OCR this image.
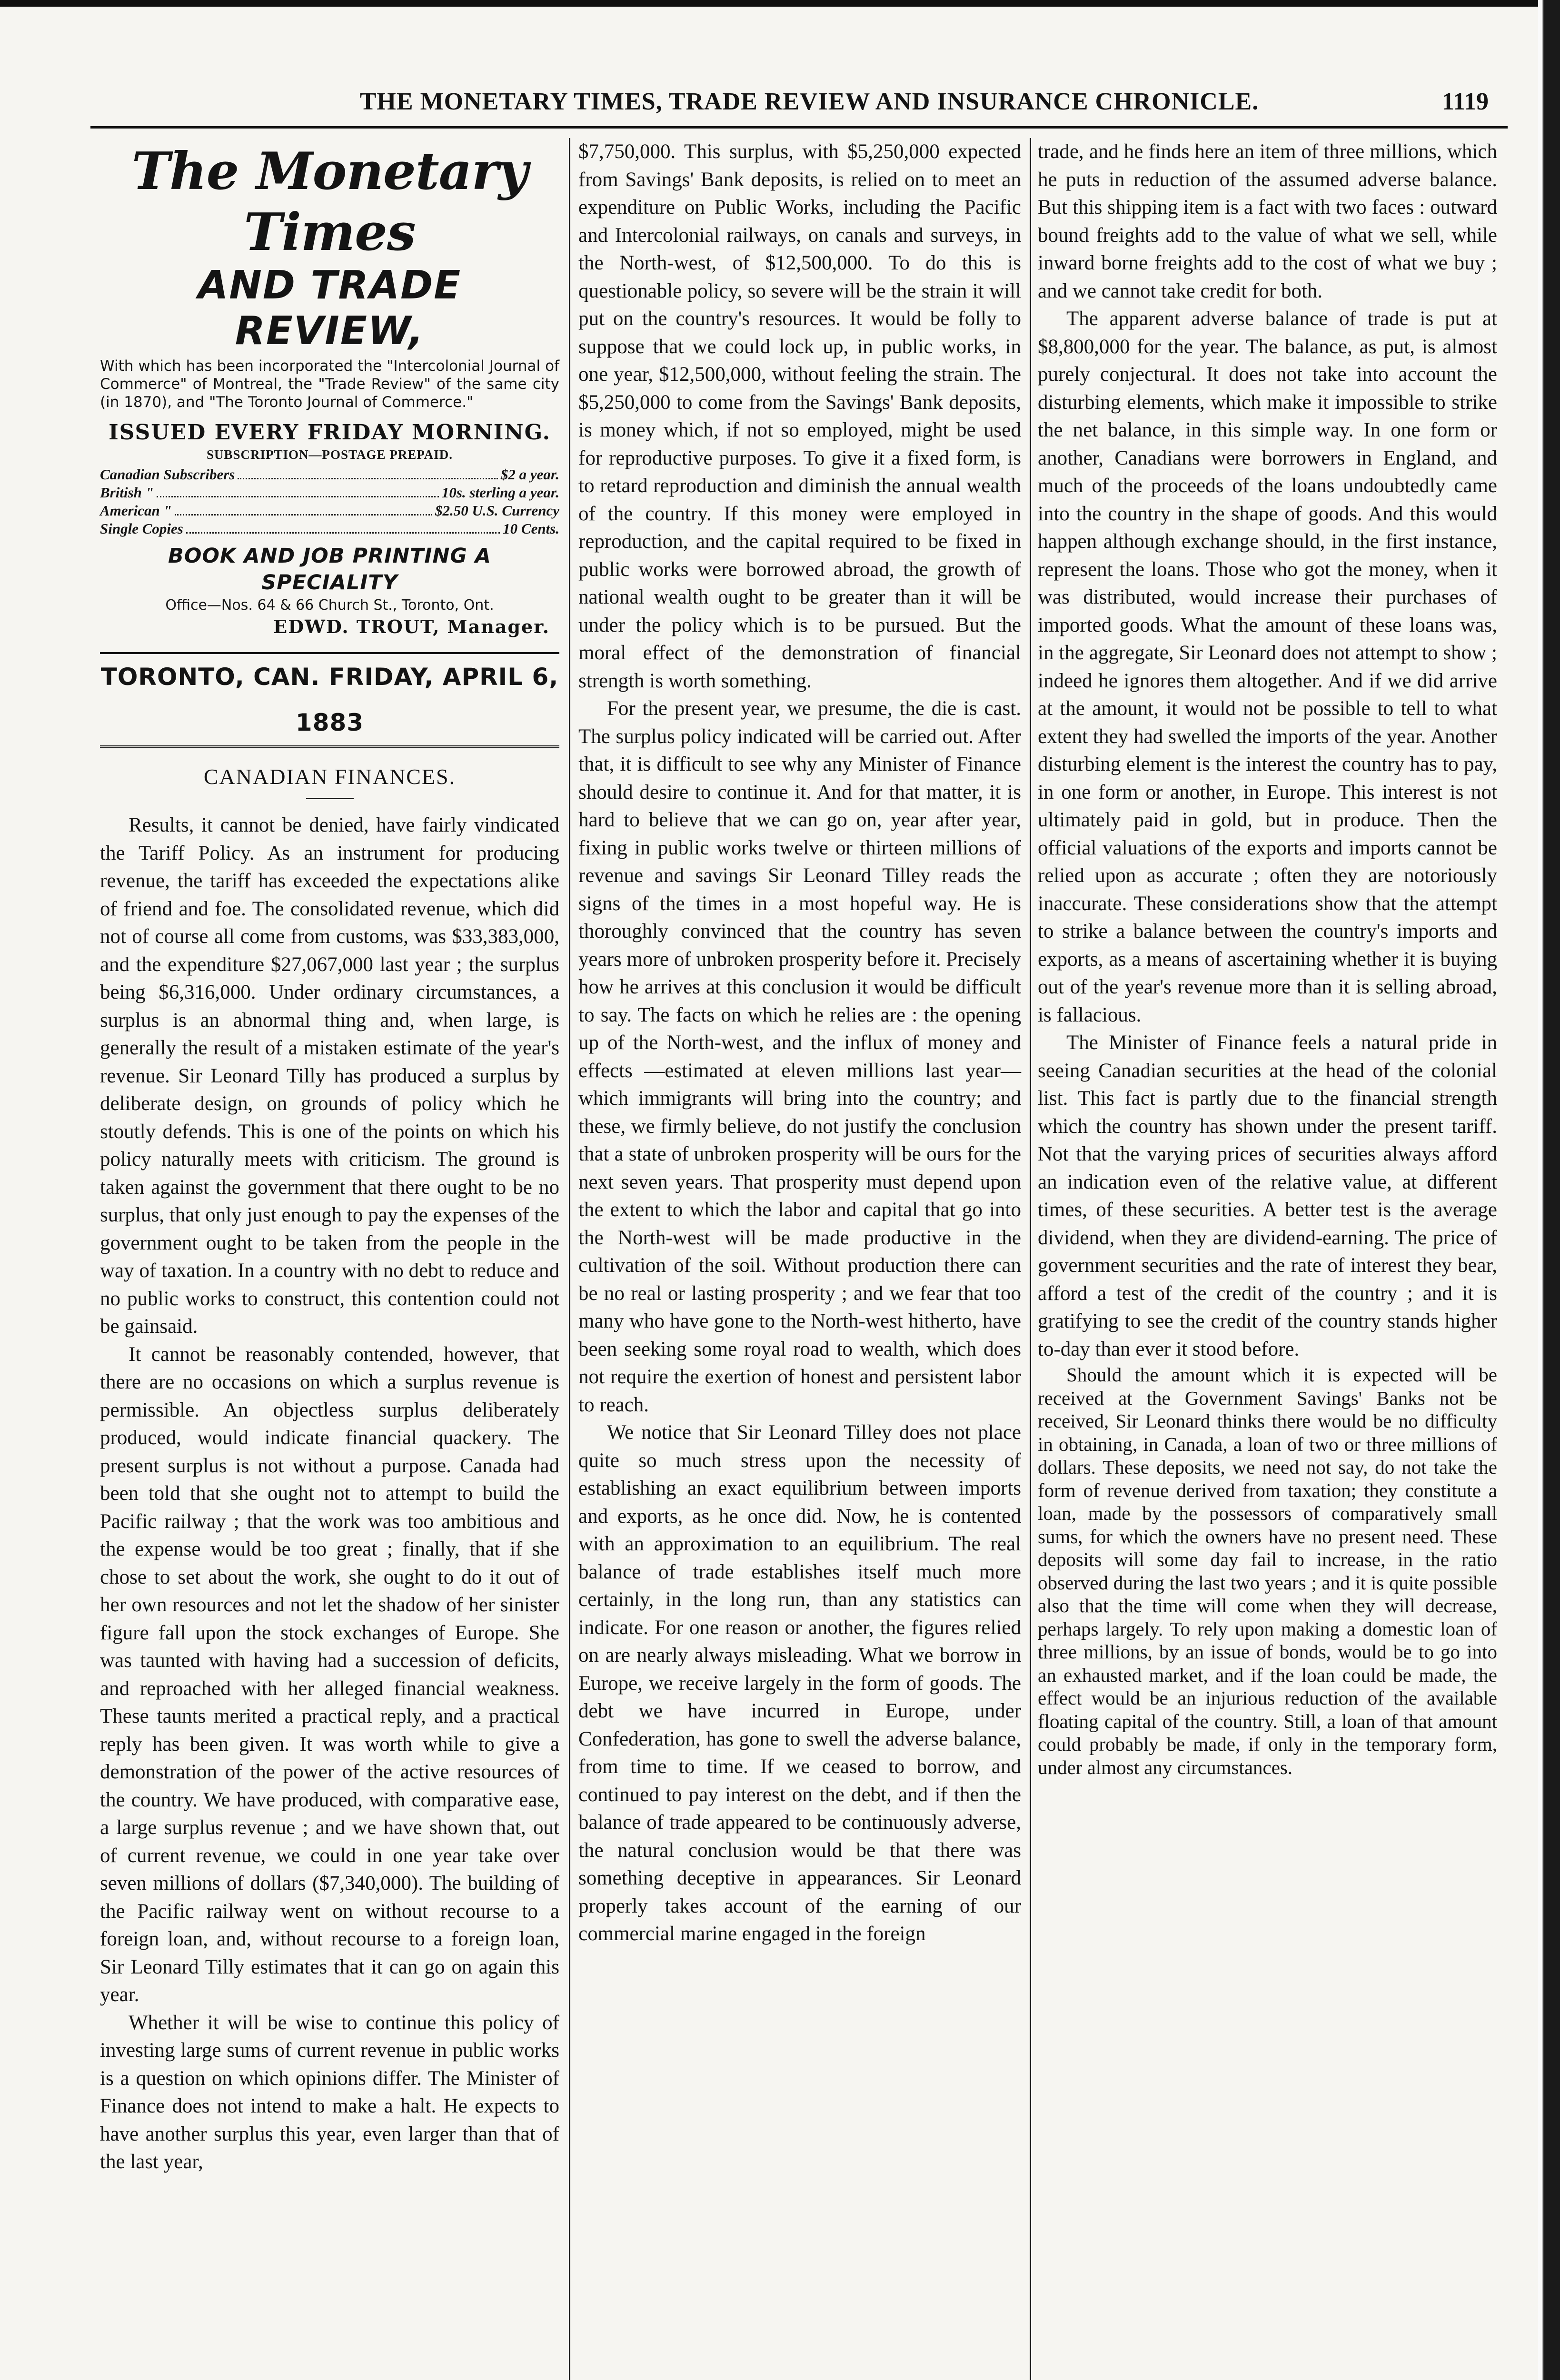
THE MONETARY TIMES, TRADE REVIEW AND INSURANCE CHRONICLE.	1119
The Monetary Times
AND TRADE REVIEW,
With which has been incorporated the "Intercolonial Journal of Commerce" of Montreal, the "Trade Review" of the same city (in 1870), and "The Toronto Journal of Commerce."
ISSUED EVERY FRIDAY MORNING.
SUBSCRIPTION—POSTAGE PREPAID.
Canadian Subscribers	$2 a year.
British "	10s. sterling a year.
American "	$2.50 U.S. Currency
Single Copies	10 Cents.
BOOK AND JOB PRINTING A SPECIALITY
Office—Nos. 64 & 66 Church St., Toronto, Ont.
EDWD. TROUT, Manager.
TORONTO, CAN. FRIDAY, APRIL 6, 1883
CANADIAN FINANCES.

Results, it cannot be denied, have fairly vindicated the Tariff Policy. As an instrument for producing revenue, the tariff has exceeded the expectations alike of friend and foe. The consolidated revenue, which did not of course all come from customs, was $33,383,000, and the expenditure $27,067,000 last year ; the surplus being $6,316,000. Under ordinary circumstances, a surplus is an abnormal thing and, when large, is generally the result of a mistaken estimate of the year's revenue. Sir Leonard Tilly has produced a surplus by deliberate design, on grounds of policy which he stoutly defends. This is one of the points on which his policy naturally meets with criticism. The ground is taken against the government that there ought to be no surplus, that only just enough to pay the expenses of the government ought to be taken from the people in the way of taxation. In a country with no debt to reduce and no public works to construct, this contention could not be gainsaid.

It cannot be reasonably contended, however, that there are no occasions on which a surplus revenue is permissible. An objectless surplus deliberately produced, would indicate financial quackery. The present surplus is not without a purpose. Canada had been told that she ought not to attempt to build the Pacific railway ; that the work was too ambitious and the expense would be too great ; finally, that if she chose to set about the work, she ought to do it out of her own resources and not let the shadow of her sinister figure fall upon the stock exchanges of Europe. She was taunted with having had a succession of deficits, and reproached with her alleged financial weakness. These taunts merited a practical reply, and a practical reply has been given. It was worth while to give a demonstration of the power of the active resources of the country. We have produced, with comparative ease, a large surplus revenue ; and we have shown that, out of current revenue, we could in one year take over seven millions of dollars ($7,340,000). The building of the Pacific railway went on without recourse to a foreign loan, and, without recourse to a foreign loan, Sir Leonard Tilly estimates that it can go on again this year.

Whether it will be wise to continue this policy of investing large sums of current revenue in public works is a question on which opinions differ. The Minister of Finance does not intend to make a halt. He expects to have another surplus this year, even larger than that of the last year,

$7,750,000. This surplus, with $5,250,000 expected from Savings' Bank deposits, is relied on to meet an expenditure on Public Works, including the Pacific and Intercolonial railways, on canals and surveys, in the North-west, of $12,500,000. To do this is questionable policy, so severe will be the strain it will put on the country's resources. It would be folly to suppose that we could lock up, in public works, in one year, $12,500,000, without feeling the strain. The $5,250,000 to come from the Savings' Bank deposits, is money which, if not so employed, might be used for reproductive purposes. To give it a fixed form, is to retard reproduction and diminish the annual wealth of the country. If this money were employed in reproduction, and the capital required to be fixed in public works were borrowed abroad, the growth of national wealth ought to be greater than it will be under the policy which is to be pursued. But the moral effect of the demonstration of financial strength is worth something.

For the present year, we presume, the die is cast. The surplus policy indicated will be carried out. After that, it is difficult to see why any Minister of Finance should desire to continue it. And for that matter, it is hard to believe that we can go on, year after year, fixing in public works twelve or thirteen millions of revenue and savings Sir Leonard Tilley reads the signs of the times in a most hopeful way. He is thoroughly convinced that the country has seven years more of unbroken prosperity before it. Precisely how he arrives at this conclusion it would be difficult to say. The facts on which he relies are : the opening up of the North-west, and the influx of money and effects —estimated at eleven millions last year— which immigrants will bring into the country; and these, we firmly believe, do not justify the conclusion that a state of unbroken prosperity will be ours for the next seven years. That prosperity must depend upon the extent to which the labor and capital that go into the North-west will be made productive in the cultivation of the soil. Without production there can be no real or lasting prosperity ; and we fear that too many who have gone to the North-west hitherto, have been seeking some royal road to wealth, which does not require the exertion of honest and persistent labor to reach.

We notice that Sir Leonard Tilley does not place quite so much stress upon the necessity of establishing an exact equilibrium between imports and exports, as he once did. Now, he is contented with an approximation to an equilibrium. The real balance of trade establishes itself much more certainly, in the long run, than any statistics can indicate. For one reason or another, the figures relied on are nearly always misleading. What we borrow in Europe, we receive largely in the form of goods. The debt we have incurred in Europe, under Confederation, has gone to swell the adverse balance, from time to time. If we ceased to borrow, and continued to pay interest on the debt, and if then the balance of trade appeared to be continuously adverse, the natural conclusion would be that there was something deceptive in appearances. Sir Leonard properly takes account of the earning of our commercial marine engaged in the foreign

trade, and he finds here an item of three millions, which he puts in reduction of the assumed adverse balance. But this shipping item is a fact with two faces : outward bound freights add to the value of what we sell, while inward borne freights add to the cost of what we buy ; and we cannot take credit for both.

The apparent adverse balance of trade is put at $8,800,000 for the year. The balance, as put, is almost purely conjectural. It does not take into account the disturbing elements, which make it impossible to strike the net balance, in this simple way. In one form or another, Canadians were borrowers in England, and much of the proceeds of the loans undoubtedly came into the country in the shape of goods. And this would happen although exchange should, in the first instance, represent the loans. Those who got the money, when it was distributed, would increase their purchases of imported goods. What the amount of these loans was, in the aggregate, Sir Leonard does not attempt to show ; indeed he ignores them altogether. And if we did arrive at the amount, it would not be possible to tell to what extent they had swelled the imports of the year. Another disturbing element is the interest the country has to pay, in one form or another, in Europe. This interest is not ultimately paid in gold, but in produce. Then the official valuations of the exports and imports cannot be relied upon as accurate ; often they are notoriously inaccurate. These considerations show that the attempt to strike a balance between the country's imports and exports, as a means of ascertaining whether it is buying out of the year's revenue more than it is selling abroad, is fallacious.

The Minister of Finance feels a natural pride in seeing Canadian securities at the head of the colonial list. This fact is partly due to the financial strength which the country has shown under the present tariff. Not that the varying prices of securities always afford an indication even of the relative value, at different times, of these securities. A better test is the average dividend, when they are dividend-earning. The price of government securities and the rate of interest they bear, afford a test of the credit of the country ; and it is gratifying to see the credit of the country stands higher to-day than ever it stood before.

Should the amount which it is expected will be received at the Government Savings' Banks not be received, Sir Leonard thinks there would be no difficulty in obtaining, in Canada, a loan of two or three millions of dollars. These deposits, we need not say, do not take the form of revenue derived from taxation; they constitute a loan, made by the possessors of comparatively small sums, for which the owners have no present need. These deposits will some day fail to increase, in the ratio observed during the last two years ; and it is quite possible also that the time will come when they will decrease, perhaps largely. To rely upon making a domestic loan of three millions, by an issue of bonds, would be to go into an exhausted market, and if the loan could be made, the effect would be an injurious reduction of the available floating capital of the country. Still, a loan of that amount could probably be made, if only in the temporary form, under almost any circumstances.
